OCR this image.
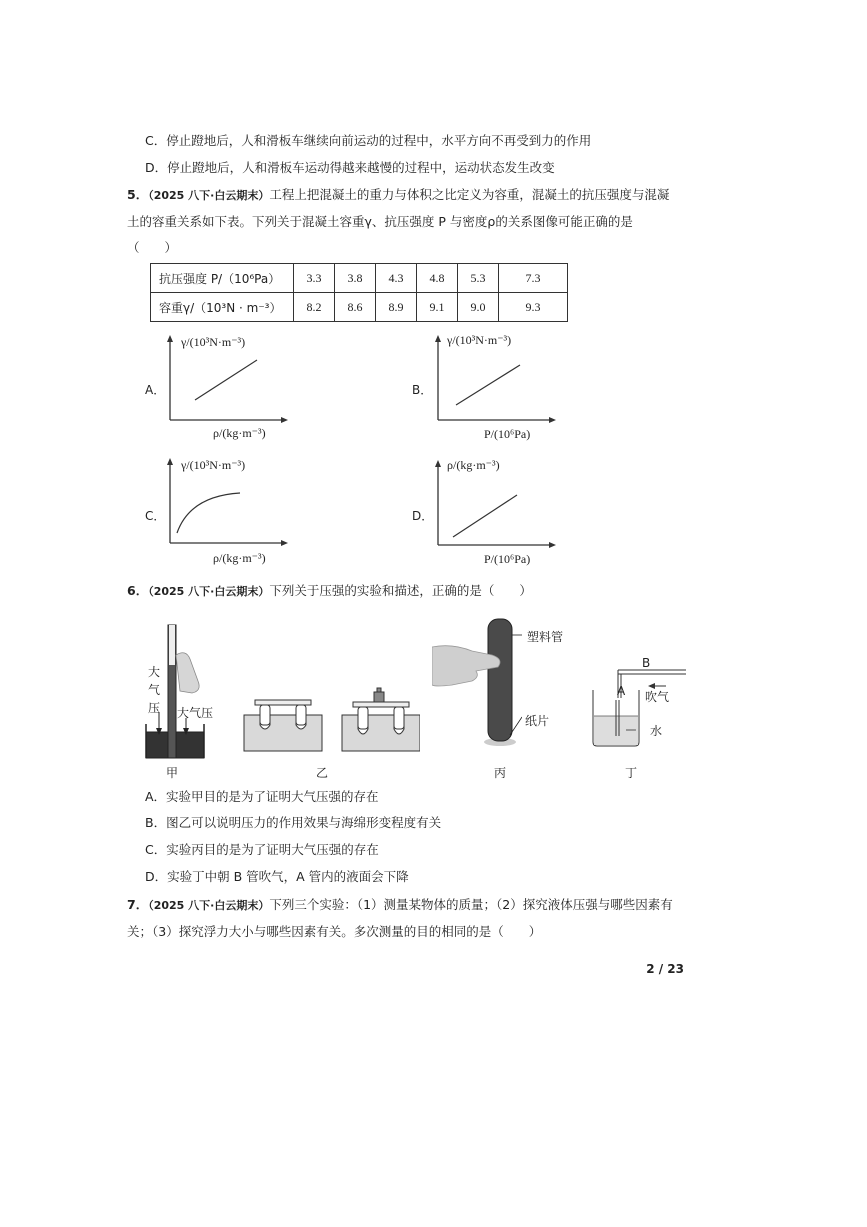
C．停止蹬地后，人和滑板车继续向前运动的过程中，水平方向不再受到力的作用
D．停止蹬地后，人和滑板车运动得越来越慢的过程中，运动状态发生改变
5．（2025 八下·白云期末）工程上把混凝土的重力与体积之比定义为容重，混凝土的抗压强度与混凝
土的容重关系如下表。下列关于混凝土容重γ、抗压强度 P 与密度ρ的关系图像可能正确的是
（　　）
抗压强度 P/（10⁶Pa）	3.3	3.8	4.3	4.8	5.3	7.3
容重γ/（10³N · m⁻³）	8.2	8.6	8.9	9.1	9.0	9.3
A．
γ/(10³N·m⁻³)
ρ/(kg·m⁻³)
B．
γ/(10³N·m⁻³)
P/(10⁶Pa)
C．
γ/(10³N·m⁻³)
ρ/(kg·m⁻³)
D．
ρ/(kg·m⁻³)
P/(10⁶Pa)
6．（2025 八下·白云期末）下列关于压强的实验和描述，正确的是（　　）
大气压 大气压
甲	乙
塑料管
纸片
丙
B
A 吹气
水
丁
A．实验甲目的是为了证明大气压强的存在
B．图乙可以说明压力的作用效果与海绵形变程度有关
C．实验丙目的是为了证明大气压强的存在
D．实验丁中朝 B 管吹气，A 管内的液面会下降
7．（2025 八下·白云期末）下列三个实验：（1）测量某物体的质量；（2）探究液体压强与哪些因素有
关；（3）探究浮力大小与哪些因素有关。多次测量的目的相同的是（　　）
2 / 23
